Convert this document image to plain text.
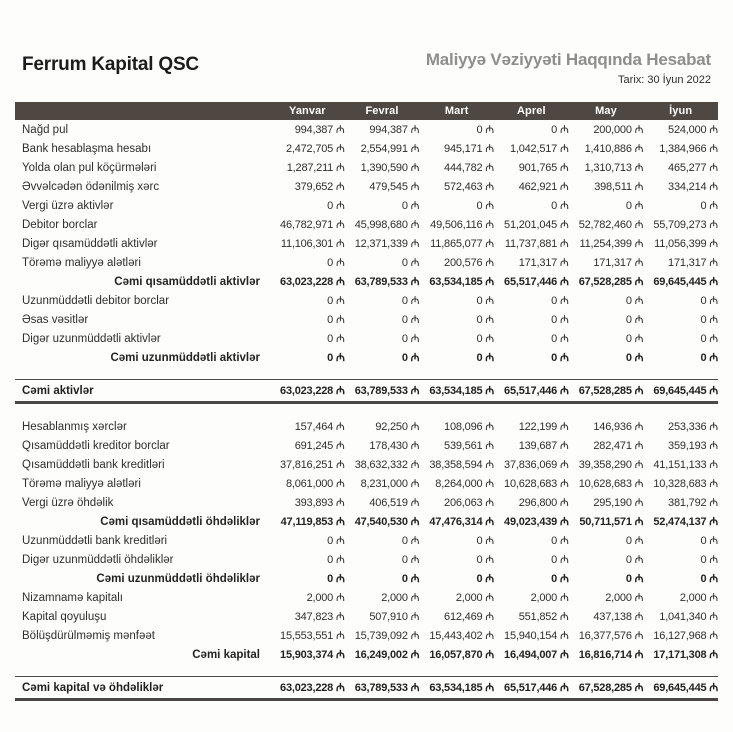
Ferrum Kapital QSC	Maliyyə Vəziyyəti Haqqında Hesabat
Tarix: 30 İyun 2022
Yanvar	Fevral	Mart	Aprel	May	İyun
Nağd pul	994,387 ₼	994,387 ₼	0 ₼	0 ₼	200,000 ₼	524,000 ₼
Bank hesablaşma hesabı	2,472,705 ₼	2,554,991 ₼	945,171 ₼	1,042,517 ₼	1,410,886 ₼	1,384,966 ₼
Yolda olan pul köçürmələri	1,287,211 ₼	1,390,590 ₼	444,782 ₼	901,765 ₼	1,310,713 ₼	465,277 ₼
Əvvəlcədən ödənilmiş xərc	379,652 ₼	479,545 ₼	572,463 ₼	462,921 ₼	398,511 ₼	334,214 ₼
Vergi üzrə aktivlər	0 ₼	0 ₼	0 ₼	0 ₼	0 ₼	0 ₼
Debitor borclar	46,782,971 ₼ 45,998,680 ₼ 49,506,116 ₼ 51,201,045 ₼ 52,782,460 ₼ 55,709,273 ₼
Digər qısamüddətli aktivlər	11,106,301 ₼ 12,371,339 ₼ 11,865,077 ₼ 11,737,881 ₼ 11,254,399 ₼ 11,056,399 ₼
Törəmə maliyyə alətləri	0 ₼	0 ₼	200,576 ₼	171,317 ₼	171,317 ₼	171,317 ₼
Cəmi qısamüddətli aktivlər	63,023,228 ₼ 63,789,533 ₼ 63,534,185 ₼ 65,517,446 ₼ 67,528,285 ₼ 69,645,445 ₼
Uzunmüddətli debitor borclar	0 ₼	0 ₼	0 ₼	0 ₼	0 ₼	0 ₼
Əsas vəsitlər	0 ₼	0 ₼	0 ₼	0 ₼	0 ₼	0 ₼
Digər uzunmüddətli aktivlər	0 ₼	0 ₼	0 ₼	0 ₼	0 ₼	0 ₼
Cəmi uzunmüddətli aktivlər	0 ₼	0 ₼	0 ₼	0 ₼	0 ₼	0 ₼
Cəmi aktivlər	63,023,228 ₼ 63,789,533 ₼ 63,534,185 ₼ 65,517,446 ₼ 67,528,285 ₼ 69,645,445 ₼
Hesablanmış xərclər	157,464 ₼	92,250 ₼	108,096 ₼	122,199 ₼	146,936 ₼	253,336 ₼
Qısamüddətli kreditor borclar	691,245 ₼	178,430 ₼	539,561 ₼	139,687 ₼	282,471 ₼	359,193 ₼
Qısamüddətli bank kreditləri	37,816,251 ₼ 38,632,332 ₼ 38,358,594 ₼ 37,836,069 ₼ 39,358,290 ₼ 41,151,133 ₼
Törəmə maliyyə alətləri	8,061,000 ₼	8,231,000 ₼	8,264,000 ₼ 10,628,683 ₼ 10,628,683 ₼ 10,328,683 ₼
Vergi üzrə öhdəlik	393,893 ₼	406,519 ₼	206,063 ₼	296,800 ₼	295,190 ₼	381,792 ₼
Cəmi qısamüddətli öhdəliklər	47,119,853 ₼ 47,540,530 ₼ 47,476,314 ₼ 49,023,439 ₼ 50,711,571 ₼ 52,474,137 ₼
Uzunmüddətli bank kreditləri	0 ₼	0 ₼	0 ₼	0 ₼	0 ₼	0 ₼
Digər uzunmüddətli öhdəliklər	0 ₼	0 ₼	0 ₼	0 ₼	0 ₼	0 ₼
Cəmi uzunmüddətli öhdəliklər	0 ₼	0 ₼	0 ₼	0 ₼	0 ₼	0 ₼
Nizamnamə kapitalı	2,000 ₼	2,000 ₼	2,000 ₼	2,000 ₼	2,000 ₼	2,000 ₼
Kapital qoyuluşu	347,823 ₼	507,910 ₼	612,469 ₼	551,852 ₼	437,138 ₼	1,041,340 ₼
Bölüşdürülməmiş mənfəət	15,553,551 ₼ 15,739,092 ₼ 15,443,402 ₼ 15,940,154 ₼ 16,377,576 ₼ 16,127,968 ₼
Cəmi kapital	15,903,374 ₼ 16,249,002 ₼ 16,057,870 ₼ 16,494,007 ₼ 16,816,714 ₼ 17,171,308 ₼
Cəmi kapital və öhdəliklər	63,023,228 ₼ 63,789,533 ₼ 63,534,185 ₼ 65,517,446 ₼ 67,528,285 ₼ 69,645,445 ₼
